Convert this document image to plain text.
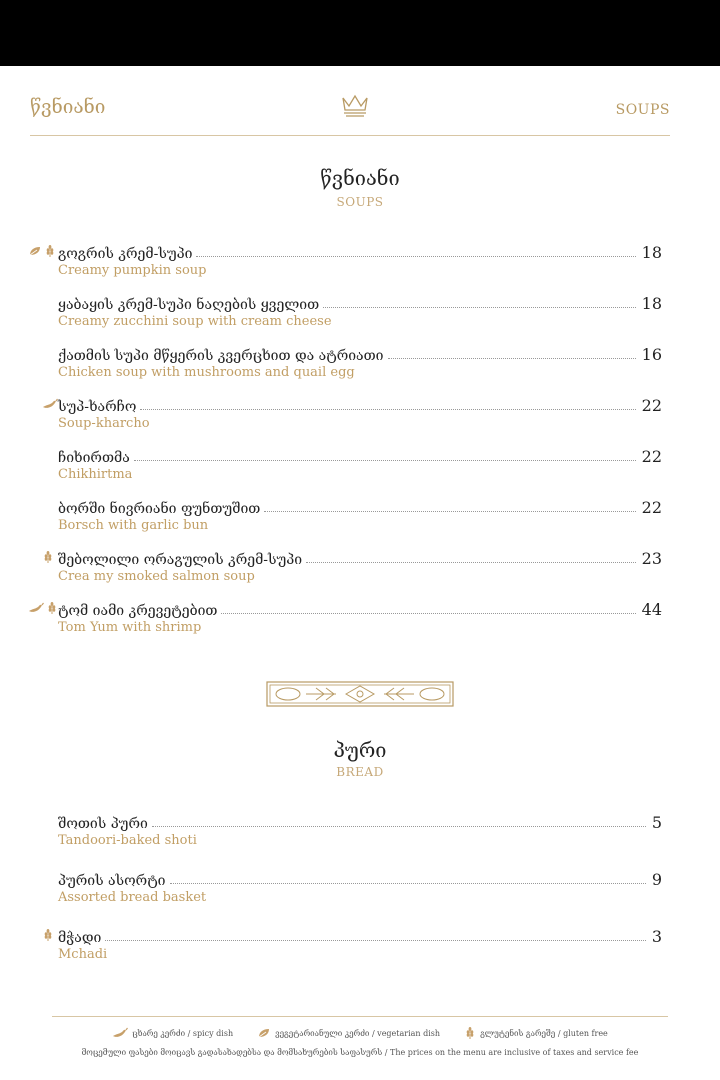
წვნიანი	SOUPS
წვნიანი
SOUPS
გოგრის კრემ-სუპი	18
Creamy pumpkin soup
ყაბაყის კრემ-სუპი ნაღების ყველით	18
Creamy zucchini soup with cream cheese
ქათმის სუპი მწყერის კვერცხით და ატრიათი	16
Chicken soup with mushrooms and quail egg
სუპ-ხარჩო	22
Soup-kharcho
ჩიხირთმა	22
Chikhirtma
ბორში ნივრიანი ფუნთუშით	22
Borsch with garlic bun
შებოლილი ორაგულის კრემ-სუპი	23
Crea my smoked salmon soup
ტომ იამი კრევეტებით	44
Tom Yum with shrimp
პური
BREAD
შოთის პური	5
Tandoori-baked shoti
პურის ასორტი	9
Assorted bread basket
მჭადი	3
Mchadi
ცხარე კერძი / spicy dish	ვეგეტარიანული კერძი / vegetarian dish	გლუტენის გარეშე / gluten free
მოცემული ფასები მოიცავს გადასახადებსა და მომსახურების საფასურს / The prices on the menu are inclusive of taxes and service fee
